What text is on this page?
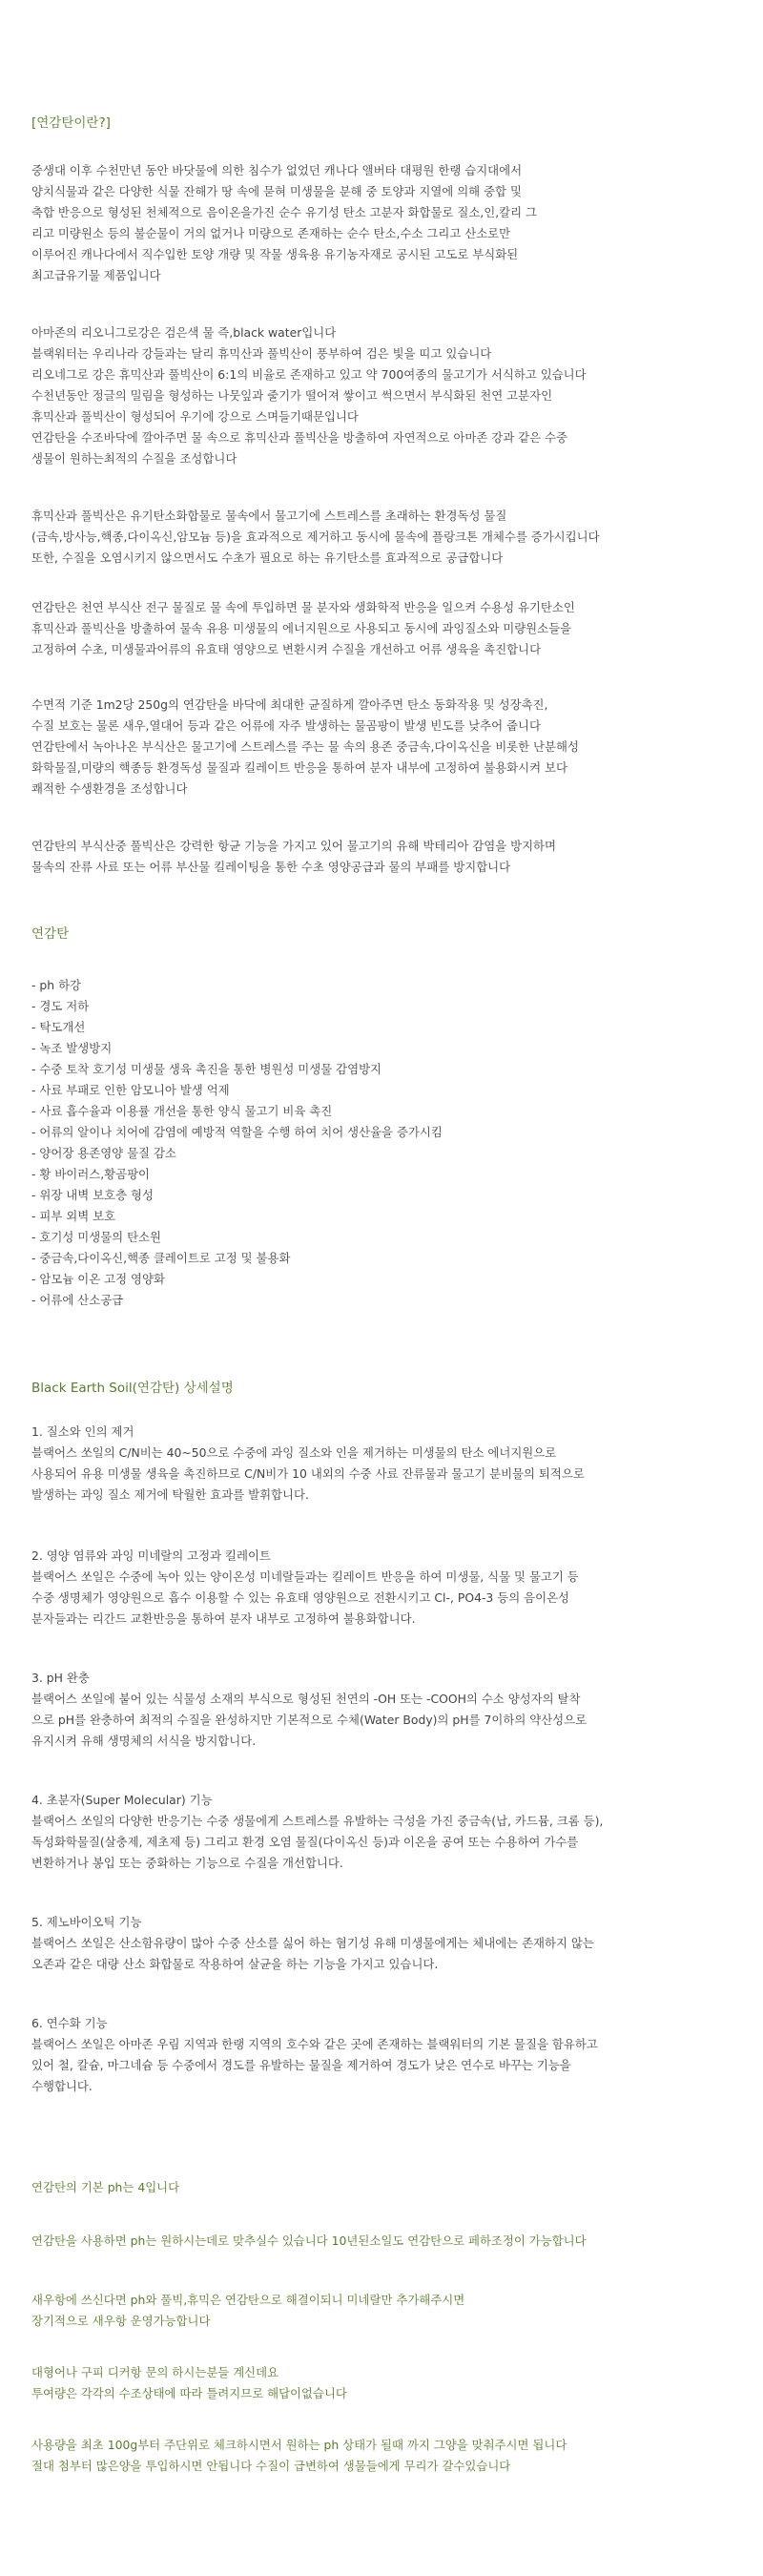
[연감탄이란?]
중생대 이후 수천만년 동안 바닷물에 의한 침수가 없었던 캐나다 앨버타 대평원 한랭 습지대에서
양치식물과 같은 다양한 식물 잔해가 땅 속에 묻혀 미생물을 분해 중 토양과 지열에 의해 중합 및
축합 반응으로 형성된 천체적으로 음이온을가진 순수 유기성 탄소 고분자 화합물로 질소,인,칼리 그
리고 미량원소 등의 불순물이 거의 없거나 미량으로 존재하는 순수 탄소,수소 그리고 산소로만
이루어진 캐나다에서 직수입한 토양 개량 및 작물 생육용 유기농자재로 공시된 고도로 부식화된
최고급유기물 제품입니다
아마존의 리오니그로강은 검은색 물 즉,black water입니다
블랙워터는 우리나라 강들과는 달리 휴믹산과 풀빅산이 풍부하여 검은 빛을 띠고 있습니다
리오네그로 강은 휴믹산과 풀빅산이 6:1의 비율로 존재하고 있고 약 700여종의 물고기가 서식하고 있습니다
수천년동안 정글의 밀림을 형성하는 나뭇잎과 줄기가 떨어져 쌓이고 썩으면서 부식화된 천연 고분자인
휴믹산과 풀빅산이 형성되어 우기에 강으로 스며들기때문입니다
연감탄을 수조바닥에 깔아주면 물 속으로 휴믹산과 풀빅산을 방출하여 자연적으로 아마존 강과 같은 수중
생물이 원하는최적의 수질을 조성합니다
휴믹산과 풀빅산은 유기탄소화합물로 물속에서 물고기에 스트레스를 초래하는 환경독성 물질
(금속,방사능,핵종,다이옥신,암모늄 등)을 효과적으로 제거하고 동시에 물속에 플랑크톤 개체수를 증가시킵니다
또한, 수질을 오염시키지 않으면서도 수초가 필요로 하는 유기탄소를 효과적으로 공급합니다
연감탄은 천연 부식산 전구 물질로 물 속에 투입하면 물 분자와 생화학적 반응을 일으켜 수용성 유기탄소인
휴믹산과 풀빅산을 방출하여 물속 유용 미생물의 에너지원으로 사용되고 동시에 과잉질소와 미량원소들을
고정하여 수초, 미생물과어류의 유효태 영양으로 변환시켜 수질을 개선하고 어류 생육을 촉진합니다
수면적 기준 1m2당 250g의 연감탄을 바닥에 최대한 균질하게 깔아주면 탄소 동화작용 및 성장촉진,
수질 보호는 물론 새우,열대어 등과 같은 어류에 자주 발생하는 물곰팡이 발생 빈도를 낮추어 줍니다
연감탄에서 녹아나온 부식산은 물고기에 스트레스를 주는 물 속의 용존 중금속,다이옥신을 비롯한 난분해성
화학물질,미량의 핵종등 환경독성 물질과 킬레이트 반응을 통하여 분자 내부에 고정하여 불용화시켜 보다
쾌적한 수생환경을 조성합니다
연감탄의 부식산중 풀빅산은 강력한 항균 기능을 가지고 있어 물고기의 유해 박테리아 감염을 방지하며
물속의 잔류 사료 또는 어류 부산물 킬레이팅을 통한 수초 영양공급과 물의 부패를 방지합니다
연감탄
- ph 하강
- 경도 저하
- 탁도개선
- 녹조 발생방지
- 수중 토착 호기성 미생물 생육 촉진을 통한 병원성 미생물 감염방지
- 사료 부패로 인한 암모니아 발생 억제
- 사료 흡수율과 이용률 개선을 통한 양식 물고기 비육 촉진
- 어류의 알이나 치어에 감염에 예방적 역할을 수행 하여 치어 생산율을 증가시킴
- 양어장 용존영양 물질 감소
- 황 바이러스,황곰팡이
- 위장 내벽 보호층 형성
- 피부 외벽 보호
- 호기성 미생물의 탄소원
- 중금속,다이옥신,핵종 클레이트로 고정 및 불용화
- 암모늄 이온 고정 영양화
- 어류에 산소공급
Black Earth Soil(연감탄) 상세설명
1. 질소와 인의 제거
블랙어스 쏘일의 C/N비는 40~50으로 수중에 과잉 질소와 인을 제거하는 미생물의 탄소 에너지원으로
사용되어 유용 미생물 생육을 촉진하므로 C/N비가 10 내외의 수중 사료 잔류물과 물고기 분비물의 퇴적으로
발생하는 과잉 질소 제거에 탁월한 효과를 발휘합니다.
2. 영양 염류와 과잉 미네랄의 고정과 킬레이트
블랙어스 쏘일은 수중에 녹아 있는 양이온성 미네랄들과는 킬레이트 반응을 하여 미생물, 식물 및 물고기 등
수중 생명체가 영양원으로 흡수 이용할 수 있는 유효태 영양원으로 전환시키고 Cl-, PO4-3 등의 음이온성
분자들과는 리간드 교환반응을 통하여 분자 내부로 고정하여 불용화합니다.
3. pH 완충
블랙어스 쏘일에 붙어 있는 식물성 소재의 부식으로 형성된 천연의 -OH 또는 -COOH의 수소 양성자의 탈착
으로 pH를 완충하여 최적의 수질을 완성하지만 기본적으로 수체(Water Body)의 pH를 7이하의 약산성으로
유지시켜 유해 생명체의 서식을 방지합니다.
4. 초분자(Super Molecular) 기능
블랙어스 쏘일의 다양한 반응기는 수중 생물에게 스트레스를 유발하는 극성을 가진 중금속(납, 카드뮴, 크롬 등),
독성화학물질(살충제, 제초제 등) 그리고 환경 오염 물질(다이옥신 등)과 이온을 공여 또는 수용하여 가수를
변환하거나 봉입 또는 중화하는 기능으로 수질을 개선합니다.
5. 제노바이오틱 기능
블랙어스 쏘일은 산소함유량이 많아 수중 산소를 싫어 하는 혐기성 유해 미생물에게는 체내에는 존재하지 않는
오존과 같은 대량 산소 화합물로 작용하여 살균을 하는 기능을 가지고 있습니다.
6. 연수화 기능
블랙어스 쏘일은 아마존 우림 지역과 한랭 지역의 호수와 같은 곳에 존재하는 블랙워터의 기본 물질을 함유하고
있어 철, 칼슘, 마그네슘 등 수중에서 경도를 유발하는 물질을 제거하여 경도가 낮은 연수로 바꾸는 기능을
수행합니다.
연감탄의 기본 ph는 4입니다
연감탄을 사용하면 ph는 원하시는데로 맞추실수 있습니다 10년된소일도 연감탄으로 페하조정이 가능합니다
새우항에 쓰신다면 ph와 풀빅,휴믹은 연감탄으로 해결이되니 미네랄만 추가해주시면
장기적으로 새우항 운영가능합니다
대형어나 구피 디커항 문의 하시는분들 계신데요
투여량은 각각의 수조상태에 따라 틀려지므로 해답이없습니다
사용량을 최초 100g부터 주단위로 체크하시면서 원하는 ph 상태가 될때 까지 그양을 맞춰주시면 됩니다
절대 첨부터 많은양을 투입하시면 안됩니다 수질이 급변하여 생물들에게 무리가 갈수있습니다
